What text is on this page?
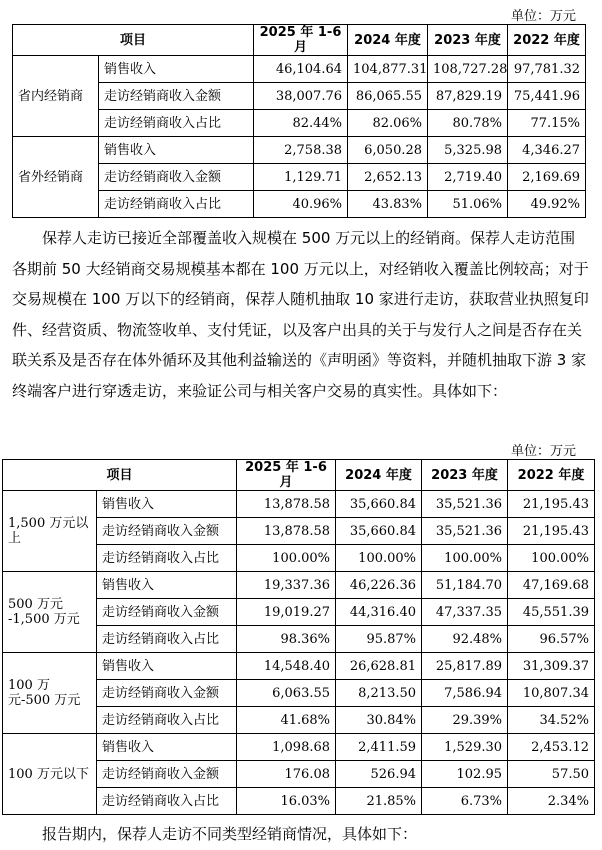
单位：万元
项目		2025 年 1-6 月	2024 年度	2023 年度	2022 年度
省内经销商	销售收入	46,104.64	104,877.31	108,727.28	97,781.32
	走访经销商收入金额	38,007.76	86,065.55	87,829.19	75,441.96
	走访经销商收入占比	82.44%	82.06%	80.78%	77.15%
省外经销商	销售收入	2,758.38	6,050.28	5,325.98	4,346.27
	走访经销商收入金额	1,129.71	2,652.13	2,719.40	2,169.69
	走访经销商收入占比	40.96%	43.83%	51.06%	49.92%

保荐人走访已接近全部覆盖收入规模在 500 万元以上的经销商。保荐人走访范围各期前 50 大经销商交易规模基本都在 100 万元以上，对经销收入覆盖比例较高；对于交易规模在 100 万以下的经销商，保荐人随机抽取 10 家进行走访，获取营业执照复印件、经营资质、物流签收单、支付凭证，以及客户出具的关于与发行人之间是否存在关联关系及是否存在体外循环及其他利益输送的《声明函》等资料，并随机抽取下游 3 家终端客户进行穿透走访，来验证公司与相关客户交易的真实性。具体如下：

单位：万元
项目		2025 年 1-6 月	2024 年度	2023 年度	2022 年度
1,500 万元以上	销售收入	13,878.58	35,660.84	35,521.36	21,195.43
	走访经销商收入金额	13,878.58	35,660.84	35,521.36	21,195.43
	走访经销商收入占比	100.00%	100.00%	100.00%	100.00%
500 万元 -1,500 万元	销售收入	19,337.36	46,226.36	51,184.70	47,169.68
	走访经销商收入金额	19,019.27	44,316.40	47,337.35	45,551.39
	走访经销商收入占比	98.36%	95.87%	92.48%	96.57%
100 万元-500 万元	销售收入	14,548.40	26,628.81	25,817.89	31,309.37
	走访经销商收入金额	6,063.55	8,213.50	7,586.94	10,807.34
	走访经销商收入占比	41.68%	30.84%	29.39%	34.52%
100 万元以下	销售收入	1,098.68	2,411.59	1,529.30	2,453.12
	走访经销商收入金额	176.08	526.94	102.95	57.50
	走访经销商收入占比	16.03%	21.85%	6.73%	2.34%

报告期内，保荐人走访不同类型经销商情况，具体如下：
